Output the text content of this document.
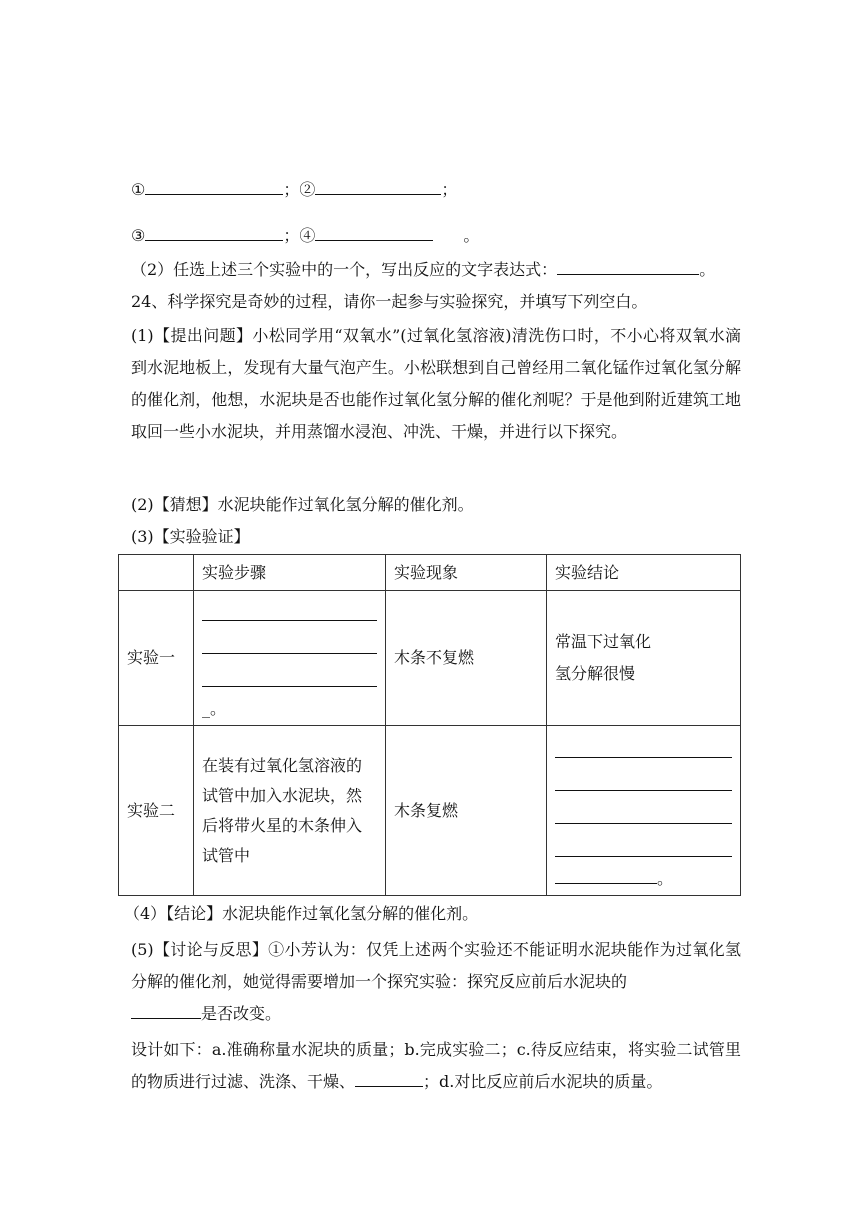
①	；②	；
③	；④	。
（2）任选上述三个实验中的一个，写出反应的文字表达式：	。
24、科学探究是奇妙的过程，请你一起参与实验探究，并填写下列空白。
(1)【提出问题】小松同学用“双氧水”(过氧化氢溶液)清洗伤口时，不小心将双氧水滴到水泥地板上，发现有大量气泡产生。小松联想到自己曾经用二氧化锰作过氧化氢分解的催化剂，他想，水泥块是否也能作过氧化氢分解的催化剂呢？于是他到附近建筑工地取回一些小水泥块，并用蒸馏水浸泡、冲洗、干燥，并进行以下探究。
(2)【猜想】水泥块能作过氧化氢分解的催化剂。
(3)【实验验证】
	实验步骤	实验现象	实验结论
实验一	_。	木条不复燃	常温下过氧化
氢分解很慢

实验二	在装有过氧化氢溶液的试管中加入水泥块，然后将带火星的木条伸入试管中	木条复燃	。
（4）【结论】水泥块能作过氧化氢分解的催化剂。
(5)【讨论与反思】①小芳认为：仅凭上述两个实验还不能证明水泥块能作为过氧化氢分解的催化剂，她觉得需要增加一个探究实验：探究反应前后水泥块的
是否改变。
设计如下：a.准确称量水泥块的质量；b.完成实验二；c.待反应结束，将实验二试管里的物质进行过滤、洗涤、干燥、	；d.对比反应前后水泥块的质量。
